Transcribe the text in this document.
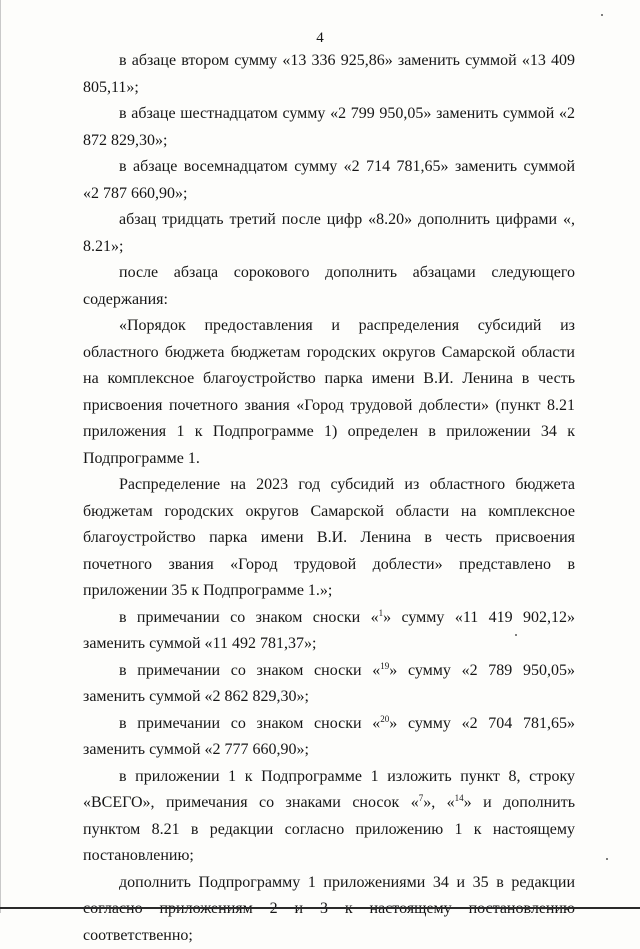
4

в абзаце втором сумму «13 336 925,86» заменить суммой «13 409 805,11»;

в абзаце шестнадцатом сумму «2 799 950,05» заменить суммой «2 872 829,30»;

в абзаце восемнадцатом сумму «2 714 781,65» заменить суммой «2 787 660,90»;

абзац тридцать третий после цифр «8.20» дополнить цифрами «, 8.21»;

после абзаца сорокового дополнить абзацами следующего содержания:

«Порядок предоставления и распределения субсидий из областного бюджета бюджетам городских округов Самарской области на комплексное благоустройство парка имени В.И. Ленина в честь присвоения почетного звания «Город трудовой доблести» (пункт 8.21 приложения 1 к Подпрограмме 1) определен в приложении 34 к Подпрограмме 1.

Распределение на 2023 год субсидий из областного бюджета бюджетам городских округов Самарской области на комплексное благоустройство парка имени В.И. Ленина в честь присвоения почетного звания «Город трудовой доблести» представлено в приложении 35 к Подпрограмме 1.»;

в примечании со знаком сноски «$^1$» сумму «11 419 902,12» заменить суммой «11 492 781,37»;

в примечании со знаком сноски «$^{19}$» сумму «2 789 950,05» заменить суммой «2 862 829,30»;

в примечании со знаком сноски «$^{20}$» сумму «2 704 781,65» заменить суммой «2 777 660,90»;

в приложении 1 к Подпрограмме 1 изложить пункт 8, строку «ВСЕГО», примечания со знаками сносок «$^7$», «$^{14}$» и дополнить пунктом 8.21 в редакции согласно приложению 1 к настоящему постановлению;

дополнить Подпрограмму 1 приложениями 34 и 35 в редакции соответственно;
